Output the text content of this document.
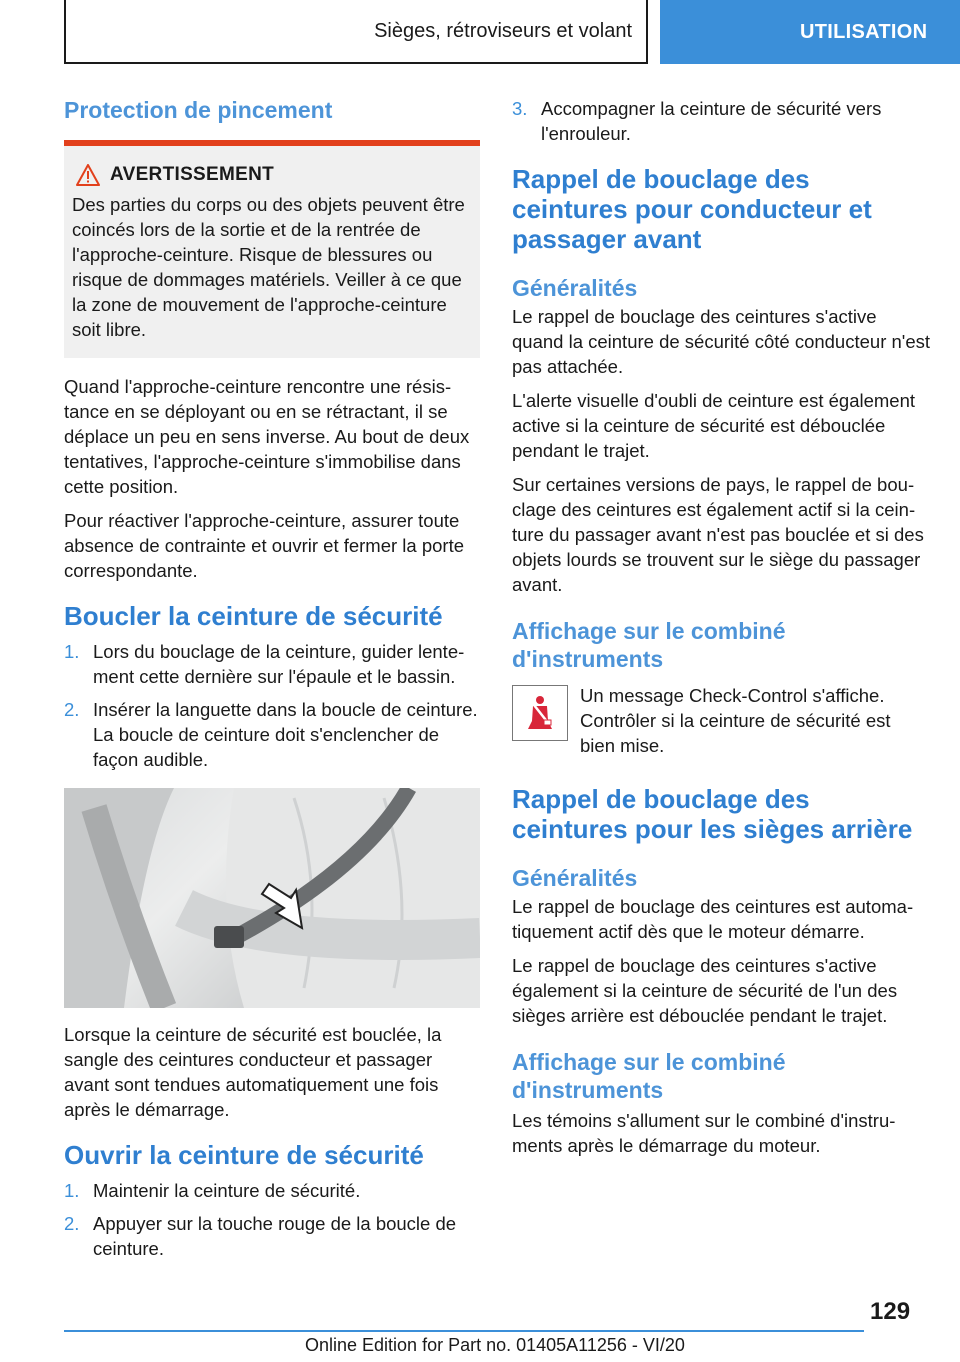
Sièges, rétroviseurs et volant	UTILISATION
Protection de pincement
AVERTISSEMENT

Des parties du corps ou des objets peuvent être coincés lors de la sortie et de la rentrée de l'approche-ceinture. Risque de blessures ou risque de dommages matériels. Veiller à ce que la zone de mouvement de l'approche-ceinture soit libre.

Quand l'approche-ceinture rencontre une résistance en se déployant ou en se rétractant, il se déplace un peu en sens inverse. Au bout de deux tentatives, l'approche-ceinture s'immobilise dans cette position.

Pour réactiver l'approche-ceinture, assurer toute absence de contrainte et ouvrir et fermer la porte correspondante.

Boucler la ceinture de sécurité
1. Lors du bouclage de la ceinture, guider lentement cette dernière sur l'épaule et le bassin.
2. Insérer la languette dans la boucle de ceinture. La boucle de ceinture doit s'enclencher de façon audible.

Lorsque la ceinture de sécurité est bouclée, la sangle des ceintures conducteur et passager avant sont tendues automatiquement une fois après le démarrage.

Ouvrir la ceinture de sécurité
1. Maintenir la ceinture de sécurité.
2. Appuyer sur la touche rouge de la boucle de ceinture.
3. Accompagner la ceinture de sécurité vers l'enrouleur.
Rappel de bouclage des ceintures pour conducteur et passager avant
Généralités

Le rappel de bouclage des ceintures s'active quand la ceinture de sécurité côté conducteur n'est pas attachée.

L'alerte visuelle d'oubli de ceinture est également active si la ceinture de sécurité est débouclée pendant le trajet.

Sur certaines versions de pays, le rappel de bouclage des ceintures est également actif si la ceinture du passager avant n'est pas bouclée et si des objets lourds se trouvent sur le siège du passager avant.

Affichage sur le combiné d'instruments

Un message Check-Control s'affiche. Contrôler si la ceinture de sécurité est bien mise.

Rappel de bouclage des ceintures pour les sièges arrière
Généralités

Le rappel de bouclage des ceintures est automatiquement actif dès que le moteur démarre.

Le rappel de bouclage des ceintures s'active également si la ceinture de sécurité de l'un des sièges arrière est débouclée pendant le trajet.

Affichage sur le combiné d'instruments

Les témoins s'allument sur le combiné d'instruments après le démarrage du moteur.

129
Online Edition for Part no. 01405A11256 - VI/20
